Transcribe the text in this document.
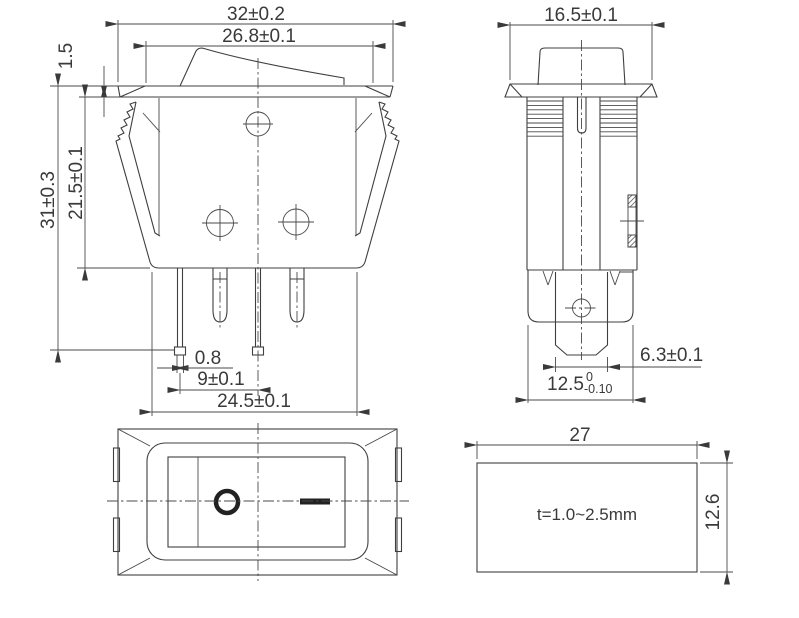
32±0.2
26.8±0.1
1.5
21.5±0.1
31±0.3
0.8
9±0.1
24.5±0.1
16.5±0.1
6.3±0.1
12.5 0
-0.10
27
12.6
t=1.0~2.5mm
